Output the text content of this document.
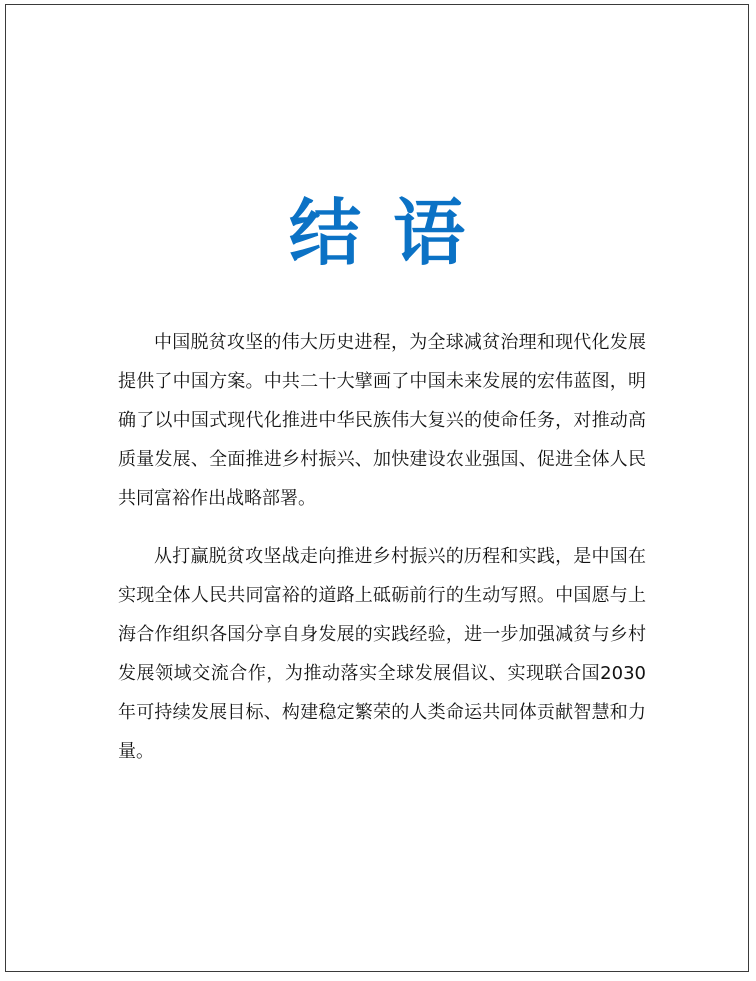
结语

中国脱贫攻坚的伟大历史进程，为全球减贫治理和现代化发展提供了中国方案。中共二十大擘画了中国未来发展的宏伟蓝图，明确了以中国式现代化推进中华民族伟大复兴的使命任务，对推动高质量发展、全面推进乡村振兴、加快建设农业强国、促进全体人民共同富裕作出战略部署。

从打赢脱贫攻坚战走向推进乡村振兴的历程和实践，是中国在实现全体人民共同富裕的道路上砥砺前行的生动写照。中国愿与上海合作组织各国分享自身发展的实践经验，进一步加强减贫与乡村发展领域交流合作，为推动落实全球发展倡议、实现联合国2030年可持续发展目标、构建稳定繁荣的人类命运共同体贡献智慧和力量。
